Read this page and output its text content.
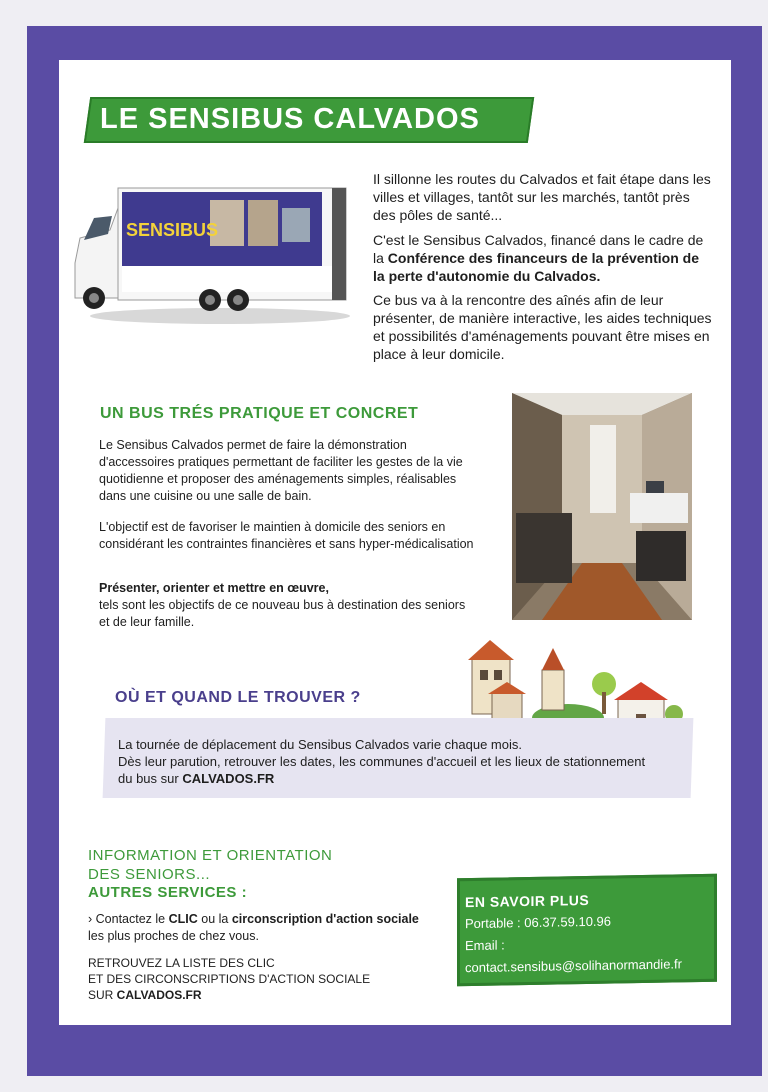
LE SENSIBUS CALVADOS
SENSIBUS
Il sillonne les routes du Calvados et fait étape dans les villes et villages, tantôt sur les marchés, tantôt près des pôles de santé...
C'est le Sensibus Calvados, financé dans le cadre de la Conférence des financeurs de la prévention de la perte d'autonomie du Calvados.
Ce bus va à la rencontre des aînés afin de leur présenter, de manière interactive, les aides techniques et possibilités d'aménagements pouvant être mises en place à leur domicile.
UN BUS TRÉS PRATIQUE ET CONCRET
Le Sensibus Calvados permet de faire la démonstration d'accessoires pratiques permettant de faciliter les gestes de la vie quotidienne et proposer des aménagements simples, réalisables dans une cuisine ou une salle de bain.
L'objectif est de favoriser le maintien à domicile des seniors en considérant les contraintes financières et sans hyper-médicalisation
Présenter, orienter et mettre en œuvre,
tels sont les objectifs de ce nouveau bus à destination des seniors et de leur famille.
OÙ ET QUAND LE TROUVER ?
La tournée de déplacement du Sensibus Calvados varie chaque mois.
Dès leur parution, retrouver les dates, les communes d'accueil et les lieux de stationnement
du bus sur CALVADOS.FR
INFORMATION ET ORIENTATION
DES SENIORS...
AUTRES SERVICES :
› Contactez le CLIC ou la circonscription d'action sociale
les plus proches de chez vous.
RETROUVEZ LA LISTE DES CLIC
ET DES CIRCONSCRIPTIONS D'ACTION SOCIALE
SUR CALVADOS.FR
EN SAVOIR PLUS
Portable : 06.37.59.10.96
Email :
contact.sensibus@solihanormandie.fr
